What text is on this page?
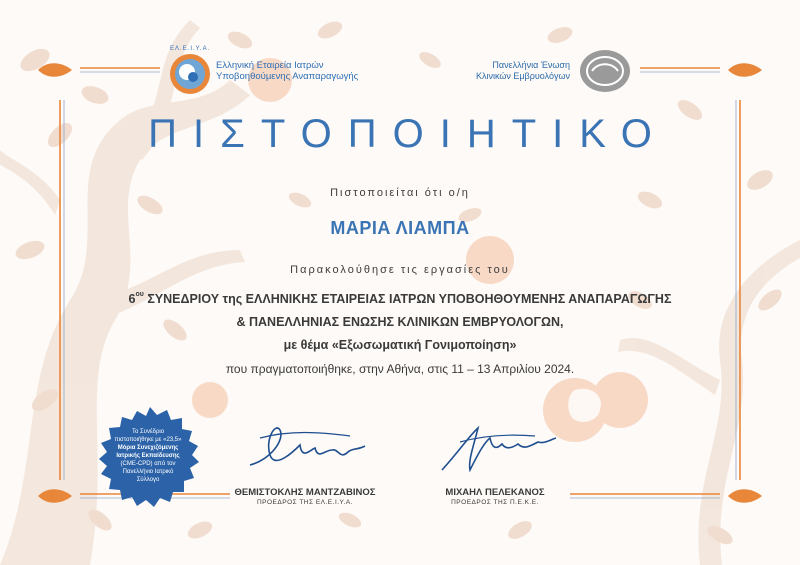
ΕΛ.Ε.Ι.Υ.Α.
Ελληνική Εταιρεία Ιατρών
Υποβοηθούμενης Αναπαραγωγής
Πανελλήνια Ένωση
Κλινικών Εμβρυολόγων
ΠΙΣΤΟΠΟΙΗΤΙΚΟ
Πιστοποιείται ότι ο/η
ΜΑΡΙΑ ΛΙΑΜΠΑ
Παρακολούθησε τις εργασίες του
$6^{o\upsilon}$ ΣΥΝΕΔΡΙΟΥ της ΕΛΛΗΝΙΚΗΣ ΕΤΑΙΡΕΙΑΣ ΙΑΤΡΩΝ ΥΠΟΒΟΗΘΟΥΜΕΝΗΣ ΑΝΑΠΑΡΑΓΩΓΗΣ
& ΠΑΝΕΛΛΗΝΙΑΣ ΕΝΩΣΗΣ ΚΛΙΝΙΚΩΝ ΕΜΒΡΥΟΛΟΓΩΝ,
με θέμα «Εξωσωματική Γονιμοποίηση»
που πραγματοποιήθηκε, στην Αθήνα, στις 11 – 13 Απριλίου 2024.
Το Συνέδριο
πιστοποιήθηκε με «23,5»
Μόρια Συνεχιζόμενης
Ιατρικής Εκπαίδευσης
(CME-CPD) από τον
Πανελλήνιο Ιατρικό
Σύλλογο
ΘΕΜΙΣΤΟΚΛΗΣ ΜΑΝΤΖΑΒΙΝΟΣ
ΠΡΟΕΔΡΟΣ ΤΗΣ ΕΛ.Ε.Ι.Υ.Α.
ΜΙΧΑΗΛ ΠΕΛΕΚΑΝΟΣ
ΠΡΟΕΔΡΟΣ ΤΗΣ Π.Ε.Κ.Ε.
